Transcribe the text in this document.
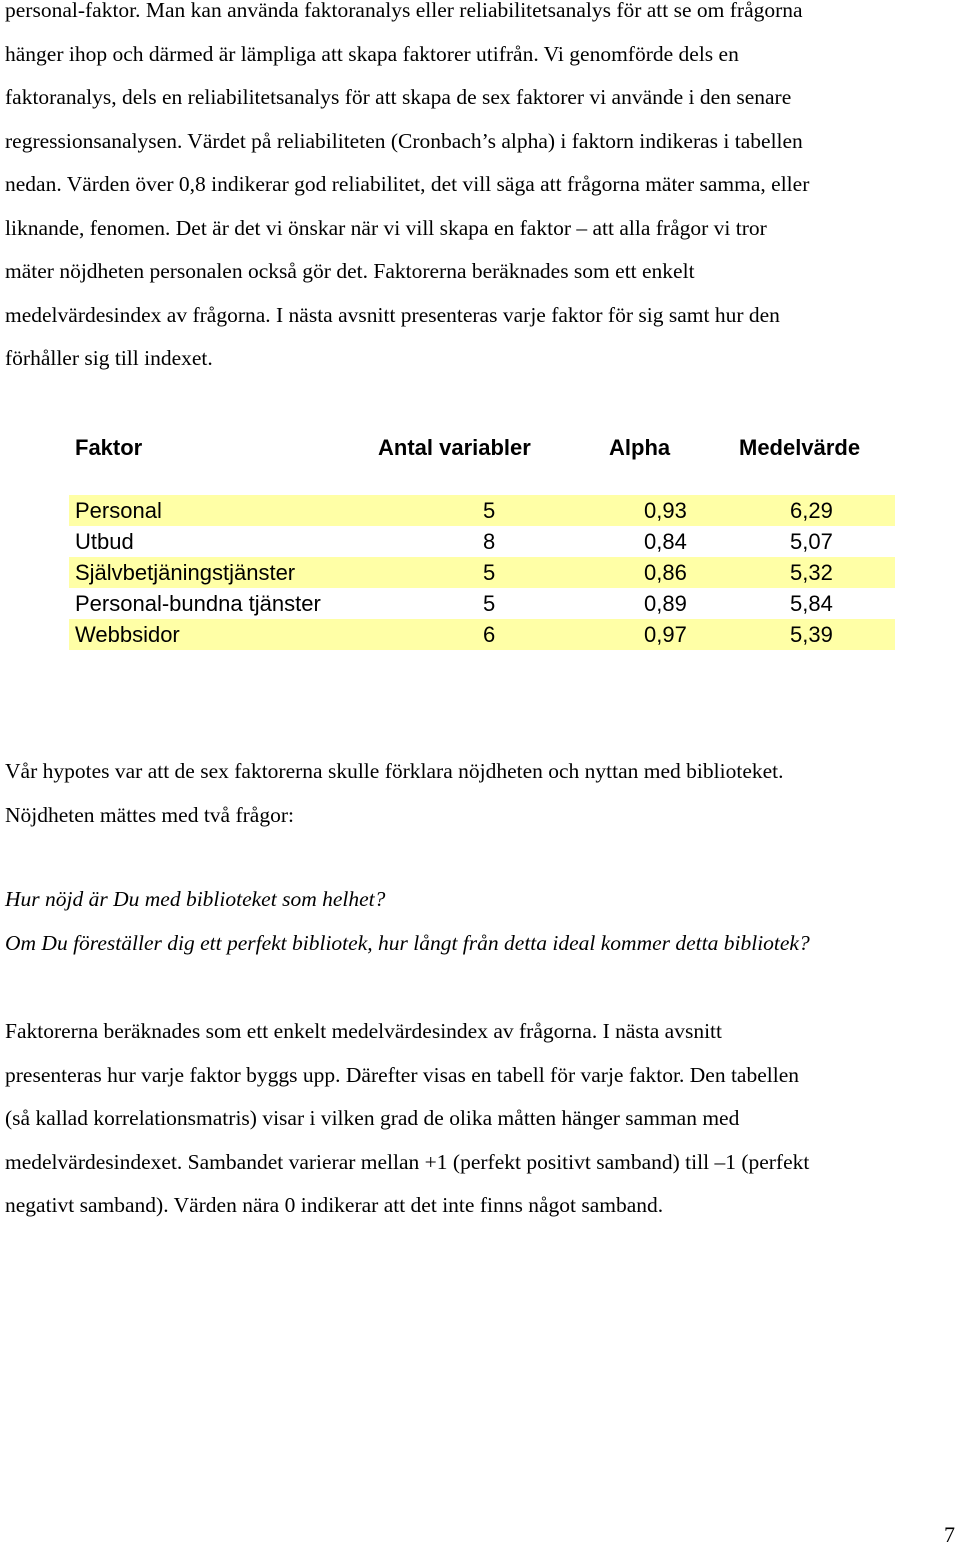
personal-faktor. Man kan använda faktoranalys eller reliabilitetsanalys för att se om frågorna
hänger ihop och därmed är lämpliga att skapa faktorer utifrån. Vi genomförde dels en
faktoranalys, dels en reliabilitetsanalys för att skapa de sex faktorer vi använde i den senare
regressionsanalysen. Värdet på reliabiliteten (Cronbach’s alpha) i faktorn indikeras i tabellen
nedan. Värden över 0,8 indikerar god reliabilitet, det vill säga att frågorna mäter samma, eller
liknande, fenomen. Det är det vi önskar när vi vill skapa en faktor – att alla frågor vi tror
mäter nöjdheten personalen också gör det. Faktorerna beräknades som ett enkelt
medelvärdesindex av frågorna. I nästa avsnitt presenteras varje faktor för sig samt hur den
förhåller sig till indexet.
Faktor	Antal variabler	Alpha	Medelvärde
Personal	5	0,93	6,29
Utbud	8	0,84	5,07
Självbetjäningstjänster	5	0,86	5,32
Personal-bundna tjänster	5	0,89	5,84
Webbsidor	6	0,97	5,39
Vår hypotes var att de sex faktorerna skulle förklara nöjdheten och nyttan med biblioteket.
Nöjdheten mättes med två frågor:
Hur nöjd är Du med biblioteket som helhet?
Om Du föreställer dig ett perfekt bibliotek, hur långt från detta ideal kommer detta bibliotek?
Faktorerna beräknades som ett enkelt medelvärdesindex av frågorna. I nästa avsnitt
presenteras hur varje faktor byggs upp. Därefter visas en tabell för varje faktor. Den tabellen
(så kallad korrelationsmatris) visar i vilken grad de olika måtten hänger samman med
medelvärdesindexet. Sambandet varierar mellan +1 (perfekt positivt samband) till –1 (perfekt
negativt samband). Värden nära 0 indikerar att det inte finns något samband.
7
